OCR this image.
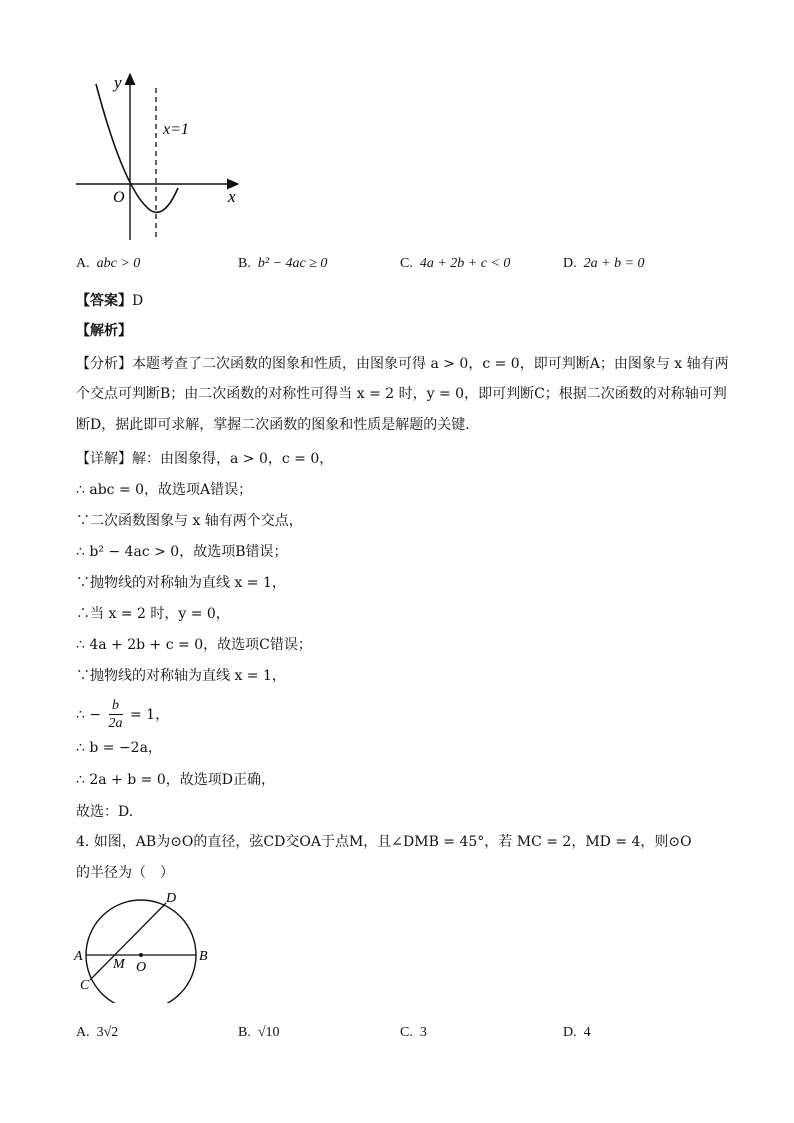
y
x
O
x=1
A. abc > 0	B. b² − 4ac ≥ 0	C. 4a + 2b + c < 0	D. 2a + b = 0
【答案】D
【解析】
【分析】本题考查了二次函数的图象和性质，由图象可得 a > 0，c = 0，即可判断A；由图象与 x 轴有两
个交点可判断B；由二次函数的对称性可得当 x = 2 时，y = 0，即可判断C；根据二次函数的对称轴可判
断D，据此即可求解，掌握二次函数的图象和性质是解题的关键.
【详解】解：由图象得，a > 0，c = 0，
∴ abc = 0，故选项A错误；
∵二次函数图象与 x 轴有两个交点，
∴ b² − 4ac > 0，故选项B错误；
∵抛物线的对称轴为直线 x = 1，
∴当 x = 2 时，y = 0，
∴ 4a + 2b + c = 0，故选项C错误；
∵抛物线的对称轴为直线 x = 1，
∴ − $\frac{b}{2a} = 1$，
∴ b = −2a，
∴ 2a + b = 0，故选项D正确，
故选：D.
4. 如图，AB为⊙O的直径，弦CD交OA于点M，且∠DMB = 45°，若 MC = 2，MD = 4，则⊙O
的半径为（　）
A	B
C
D
M O
A. 3√2	B. √10	C. 3	D. 4
